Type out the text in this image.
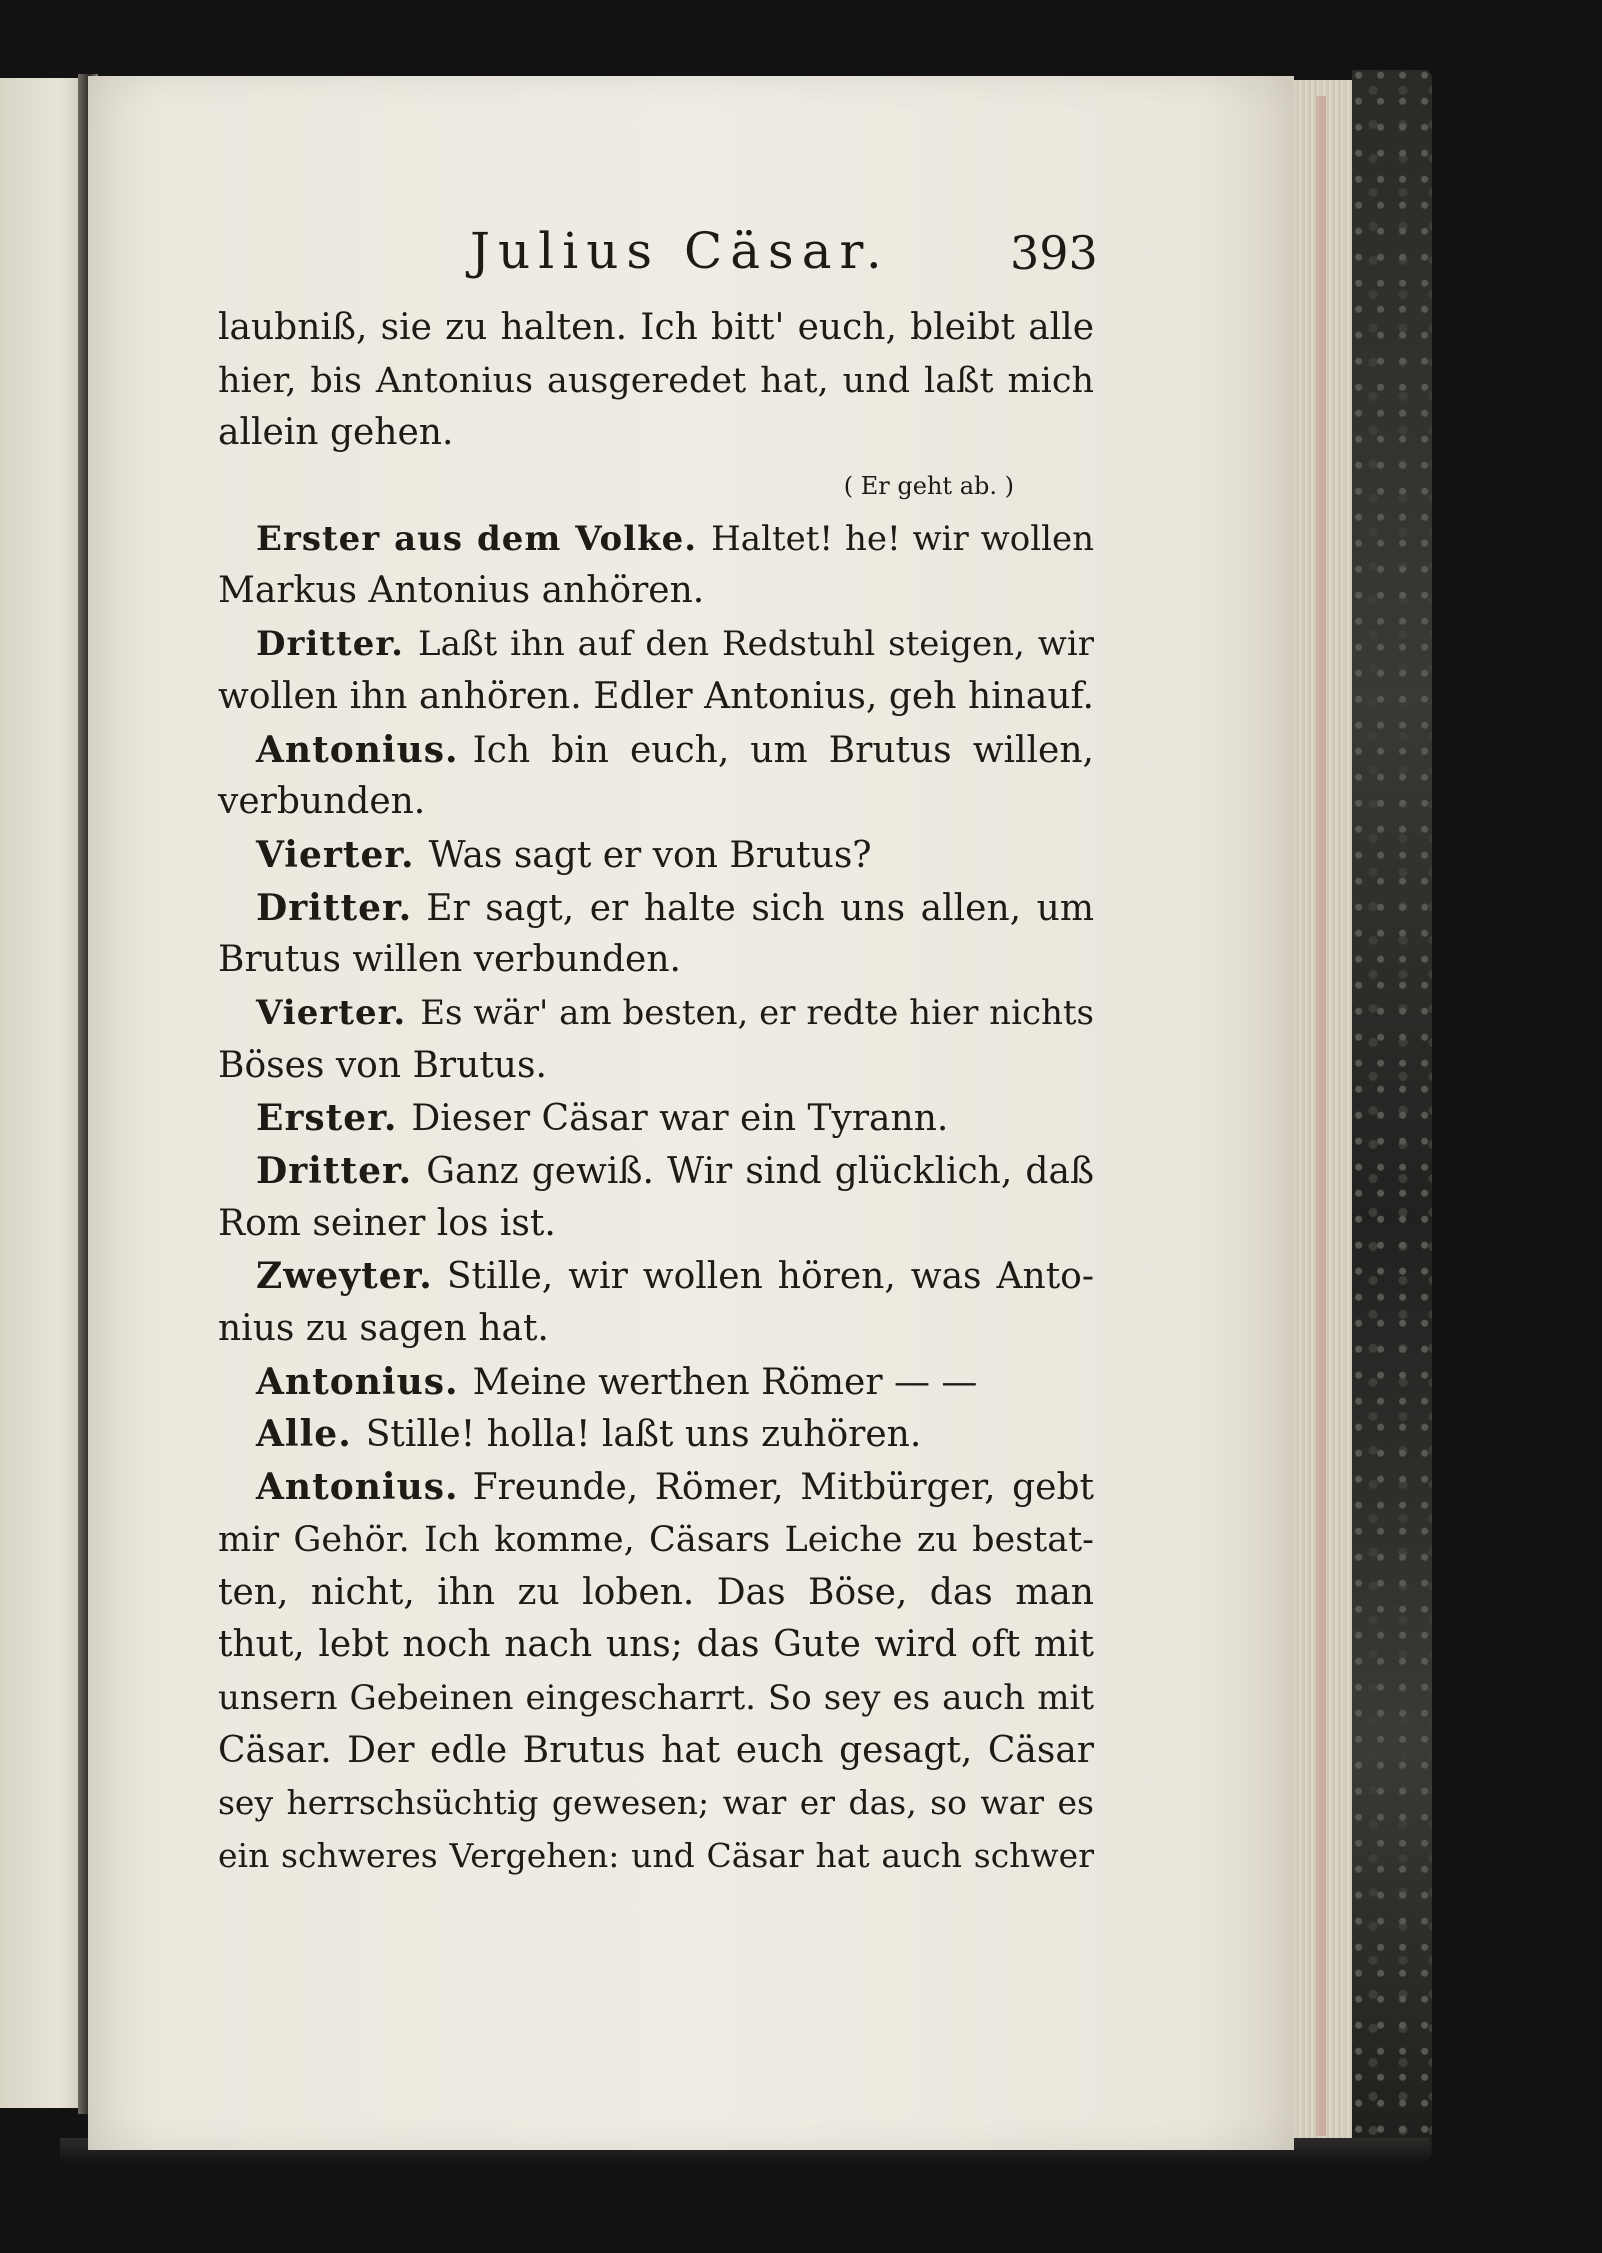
Julius Cäsar.	393
laubniß, sie zu halten. Ich bitt' euch, bleibt alle
hier, bis Antonius ausgeredet hat, und laßt mich
allein gehen.
( Er geht ab. )
Erster aus dem Volke. Haltet! he! wir wollen
Markus Antonius anhören.
Dritter. Laßt ihn auf den Redstuhl steigen, wir
wollen ihn anhören. Edler Antonius, geh hinauf.
Antonius. Ich bin euch, um Brutus willen,
verbunden.
Vierter. Was sagt er von Brutus?
Dritter. Er sagt, er halte sich uns allen, um
Brutus willen verbunden.
Vierter. Es wär' am besten, er redte hier nichts
Böses von Brutus.
Erster. Dieser Cäsar war ein Tyrann.
Dritter. Ganz gewiß. Wir sind glücklich, daß
Rom seiner los ist.
Zweyter. Stille, wir wollen hören, was Anto-
nius zu sagen hat.
Antonius. Meine werthen Römer — —
Alle. Stille! holla! laßt uns zuhören.
Antonius. Freunde, Römer, Mitbürger, gebt
mir Gehör. Ich komme, Cäsars Leiche zu bestat-
ten, nicht, ihn zu loben. Das Böse, das man
thut, lebt noch nach uns; das Gute wird oft mit
unsern Gebeinen eingescharrt. So sey es auch mit
Cäsar. Der edle Brutus hat euch gesagt, Cäsar
sey herrschsüchtig gewesen; war er das, so war es
ein schweres Vergehen: und Cäsar hat auch schwer
